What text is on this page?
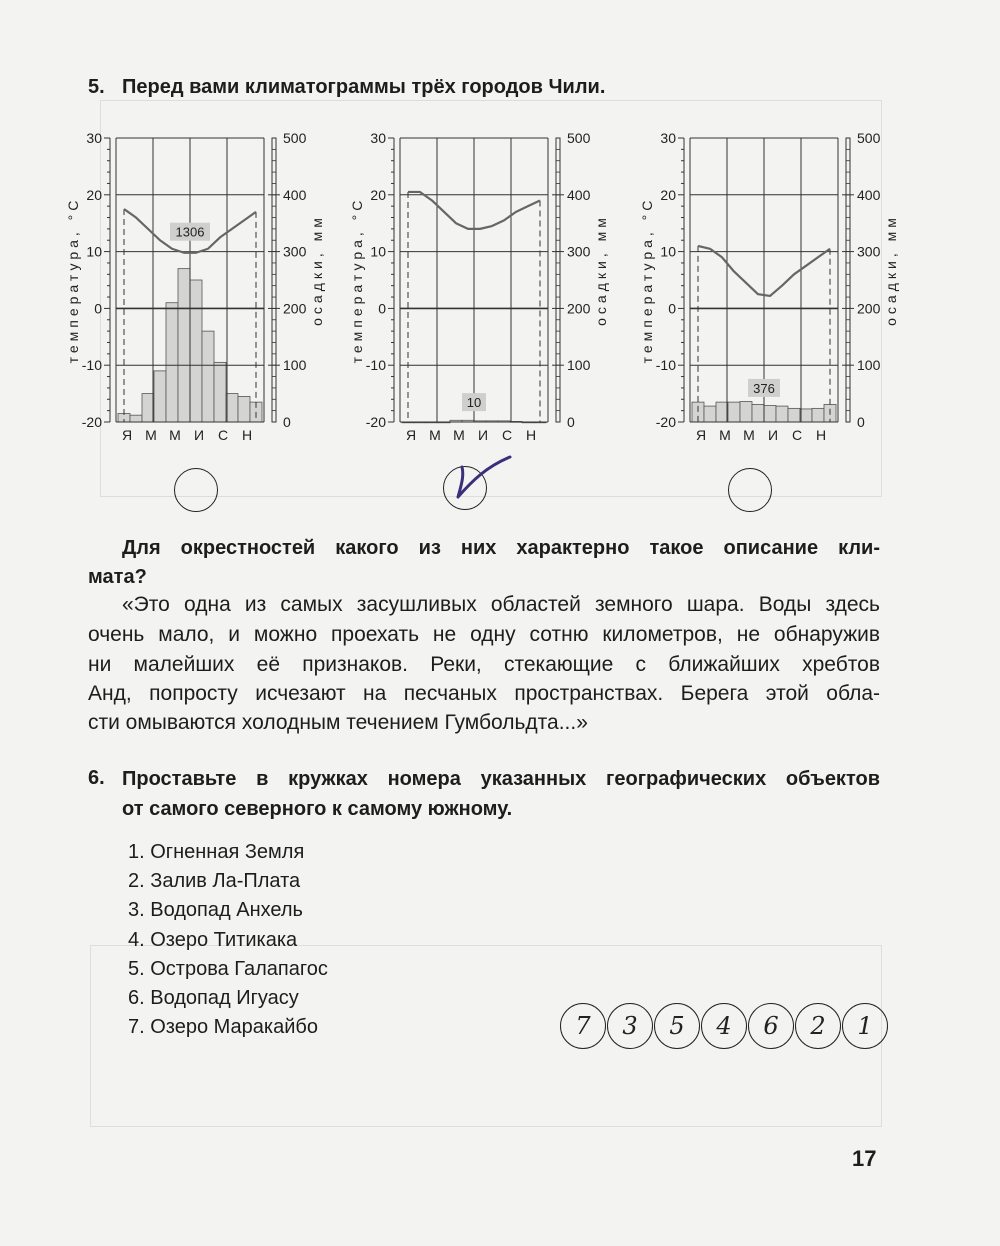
5. Перед вами климатограммы трёх городов Чили.
30
20
10
0
-10
-20
500
400
300
200
100
0
температура, °С	осадки, мм
Я М М И С Н
1306
30
20
10
0
-10
-20
500
400
300
200
100
0
температура, °С	осадки, мм
Я М М И С Н
10
30
20
10
0
-10
-20
500
400
300
200
100
0
температура, °С	осадки, мм
Я М М И С Н
376
Для окрестностей какого из них характерно такое описание кли-
мата?
«Это одна из самых засушливых областей земного шара. Воды здесь
очень мало, и можно проехать не одну сотню километров, не обнаружив
ни малейших её признаков. Реки, стекающие с ближайших хребтов
Анд, попросту исчезают на песчаных пространствах. Берега этой обла-
сти омываются холодным течением Гумбольдта...»
6. Проставьте в кружках номера указанных географических объектов
от самого северного к самому южному.
1. Огненная Земля
2. Залив Ла-Плата
3. Водопад Анхель
4. Озеро Титикака
5. Острова Галапагос
6. Водопад Игуасу
7. Озеро Маракайбо	7	3	5	4	6	2	1
17
